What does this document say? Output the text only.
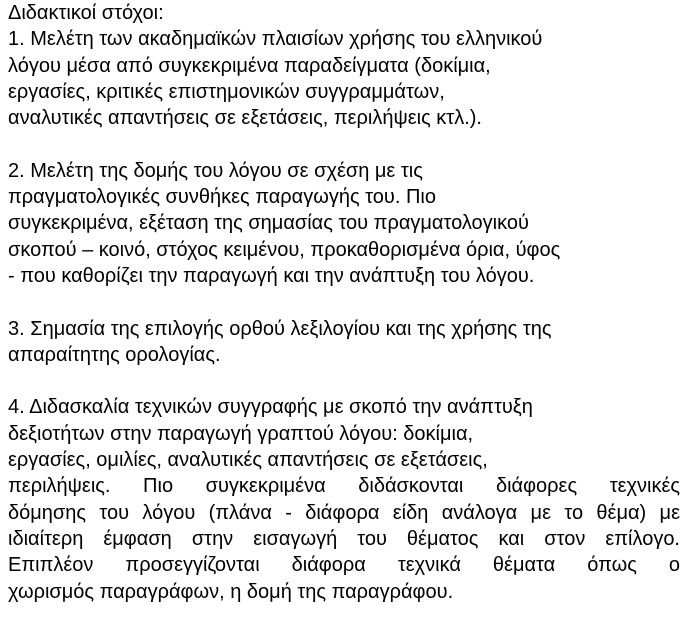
Διδακτικοί στόχοι:
1. Μελέτη των ακαδημαϊκών πλαισίων χρήσης του ελληνικού
λόγου μέσα από συγκεκριμένα παραδείγματα (δοκίμια,
εργασίες, κριτικές επιστημονικών συγγραμμάτων,
αναλυτικές απαντήσεις σε εξετάσεις, περιλήψεις κτλ.).
2. Μελέτη της δομής του λόγου σε σχέση με τις
πραγματολογικές συνθήκες παραγωγής του. Πιο
συγκεκριμένα, εξέταση της σημασίας του πραγματολογικού
σκοπού – κοινό, στόχος κειμένου, προκαθορισμένα όρια, ύφος
- που καθορίζει την παραγωγή και την ανάπτυξη του λόγου.
3. Σημασία της επιλογής ορθού λεξιλογίου και της χρήσης της
απαραίτητης ορολογίας.
4. Διδασκαλία τεχνικών συγγραφής με σκοπό την ανάπτυξη
δεξιοτήτων στην παραγωγή γραπτού λόγου: δοκίμια,
εργασίες, ομιλίες, αναλυτικές απαντήσεις σε εξετάσεις,
περιλήψεις. Πιο συγκεκριμένα διδάσκονται διάφορες τεχνικές
δόμησης του λόγου (πλάνα - διάφορα είδη ανάλογα με το θέμα) με
ιδιαίτερη έμφαση στην εισαγωγή του θέματος και στον επίλογο.
Επιπλέον προσεγγίζονται διάφορα τεχνικά θέματα όπως ο
χωρισμός παραγράφων, η δομή της παραγράφου.
